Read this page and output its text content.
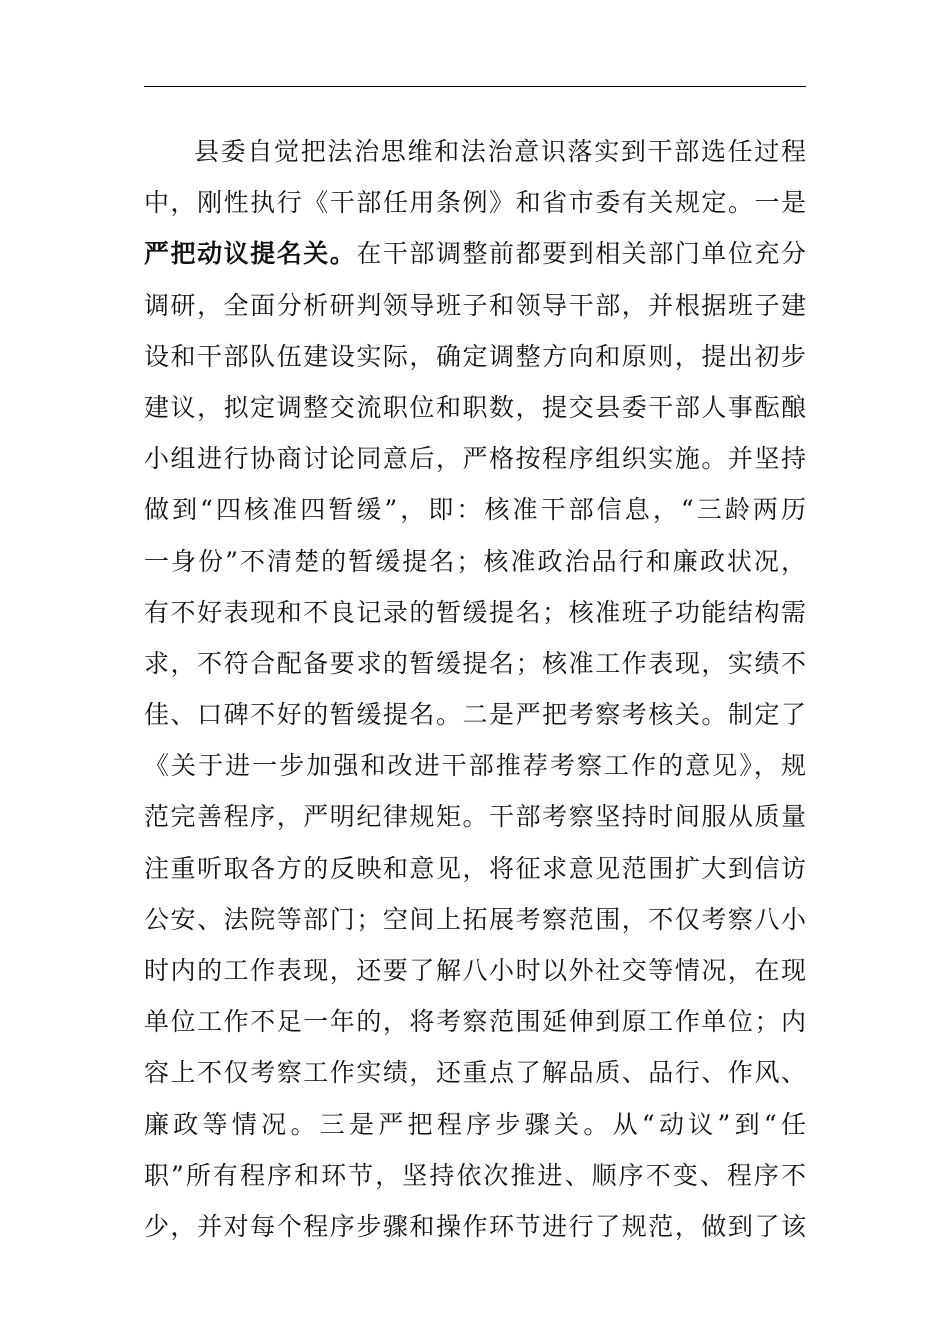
县委自觉把法治思维和法治意识落实到干部选任过程
中，刚性执行《干部任用条例》和省市委有关规定。一是
严把动议提名关。在干部调整前都要到相关部门单位充分
调研，全面分析研判领导班子和领导干部，并根据班子建
设和干部队伍建设实际，确定调整方向和原则，提出初步
建议，拟定调整交流职位和职数，提交县委干部人事酝酿
小组进行协商讨论同意后，严格按程序组织实施。并坚持
做到“四核准四暂缓”，即：核准干部信息，“三龄两历
一身份”不清楚的暂缓提名；核准政治品行和廉政状况，
有不好表现和不良记录的暂缓提名；核准班子功能结构需
求，不符合配备要求的暂缓提名；核准工作表现，实绩不
佳、口碑不好的暂缓提名。二是严把考察考核关。制定了
《关于进一步加强和改进干部推荐考察工作的意见》，规
范完善程序，严明纪律规矩。干部考察坚持时间服从质量
注重听取各方的反映和意见，将征求意见范围扩大到信访
公安、法院等部门；空间上拓展考察范围，不仅考察八小
时内的工作表现，还要了解八小时以外社交等情况，在现
单位工作不足一年的，将考察范围延伸到原工作单位；内
容上不仅考察工作实绩，还重点了解品质、品行、作风、
廉政等情况。三是严把程序步骤关。从“动议”到“任
职”所有程序和环节，坚持依次推进、顺序不变、程序不
少，并对每个程序步骤和操作环节进行了规范，做到了该
